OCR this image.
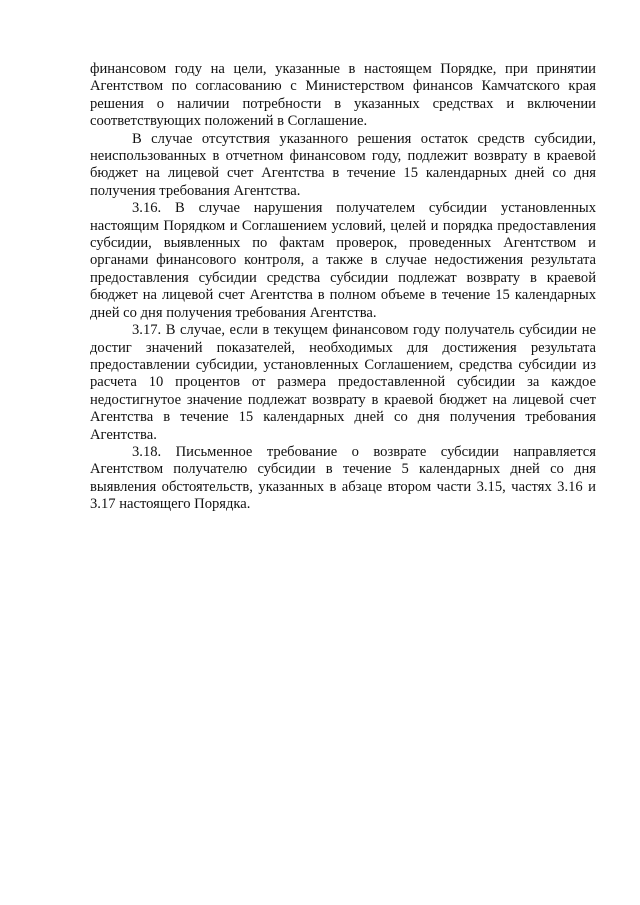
финансовом году на цели, указанные в настоящем Порядке, при принятии Агентством по согласованию с Министерством финансов Камчатского края решения о наличии потребности в указанных средствах и включении соответствующих положений в Соглашение.

В случае отсутствия указанного решения остаток средств субсидии, неиспользованных в отчетном финансовом году, подлежит возврату в краевой бюджет на лицевой счет Агентства в течение 15 календарных дней со дня получения требования Агентства.

3.16. В случае нарушения получателем субсидии установленных настоящим Порядком и Соглашением условий, целей и порядка предоставления субсидии, выявленных по фактам проверок, проведенных Агентством и органами финансового контроля, а также в случае недостижения результата предоставления субсидии средства субсидии подлежат возврату в краевой бюджет на лицевой счет Агентства в полном объеме в течение 15 календарных дней со дня получения требования Агентства.

3.17. В случае, если в текущем финансовом году получатель субсидии не достиг значений показателей, необходимых для достижения результата предоставлении субсидии, установленных Соглашением, средства субсидии из расчета 10 процентов от размера предоставленной субсидии за каждое недостигнутое значение подлежат возврату в краевой бюджет на лицевой счет Агентства в течение 15 календарных дней со дня получения требования Агентства.

3.18. Письменное требование о возврате субсидии направляется Агентством получателю субсидии в течение 5 календарных дней со дня выявления обстоятельств, указанных в абзаце втором части 3.15, частях 3.16 и 3.17 настоящего Порядка.
